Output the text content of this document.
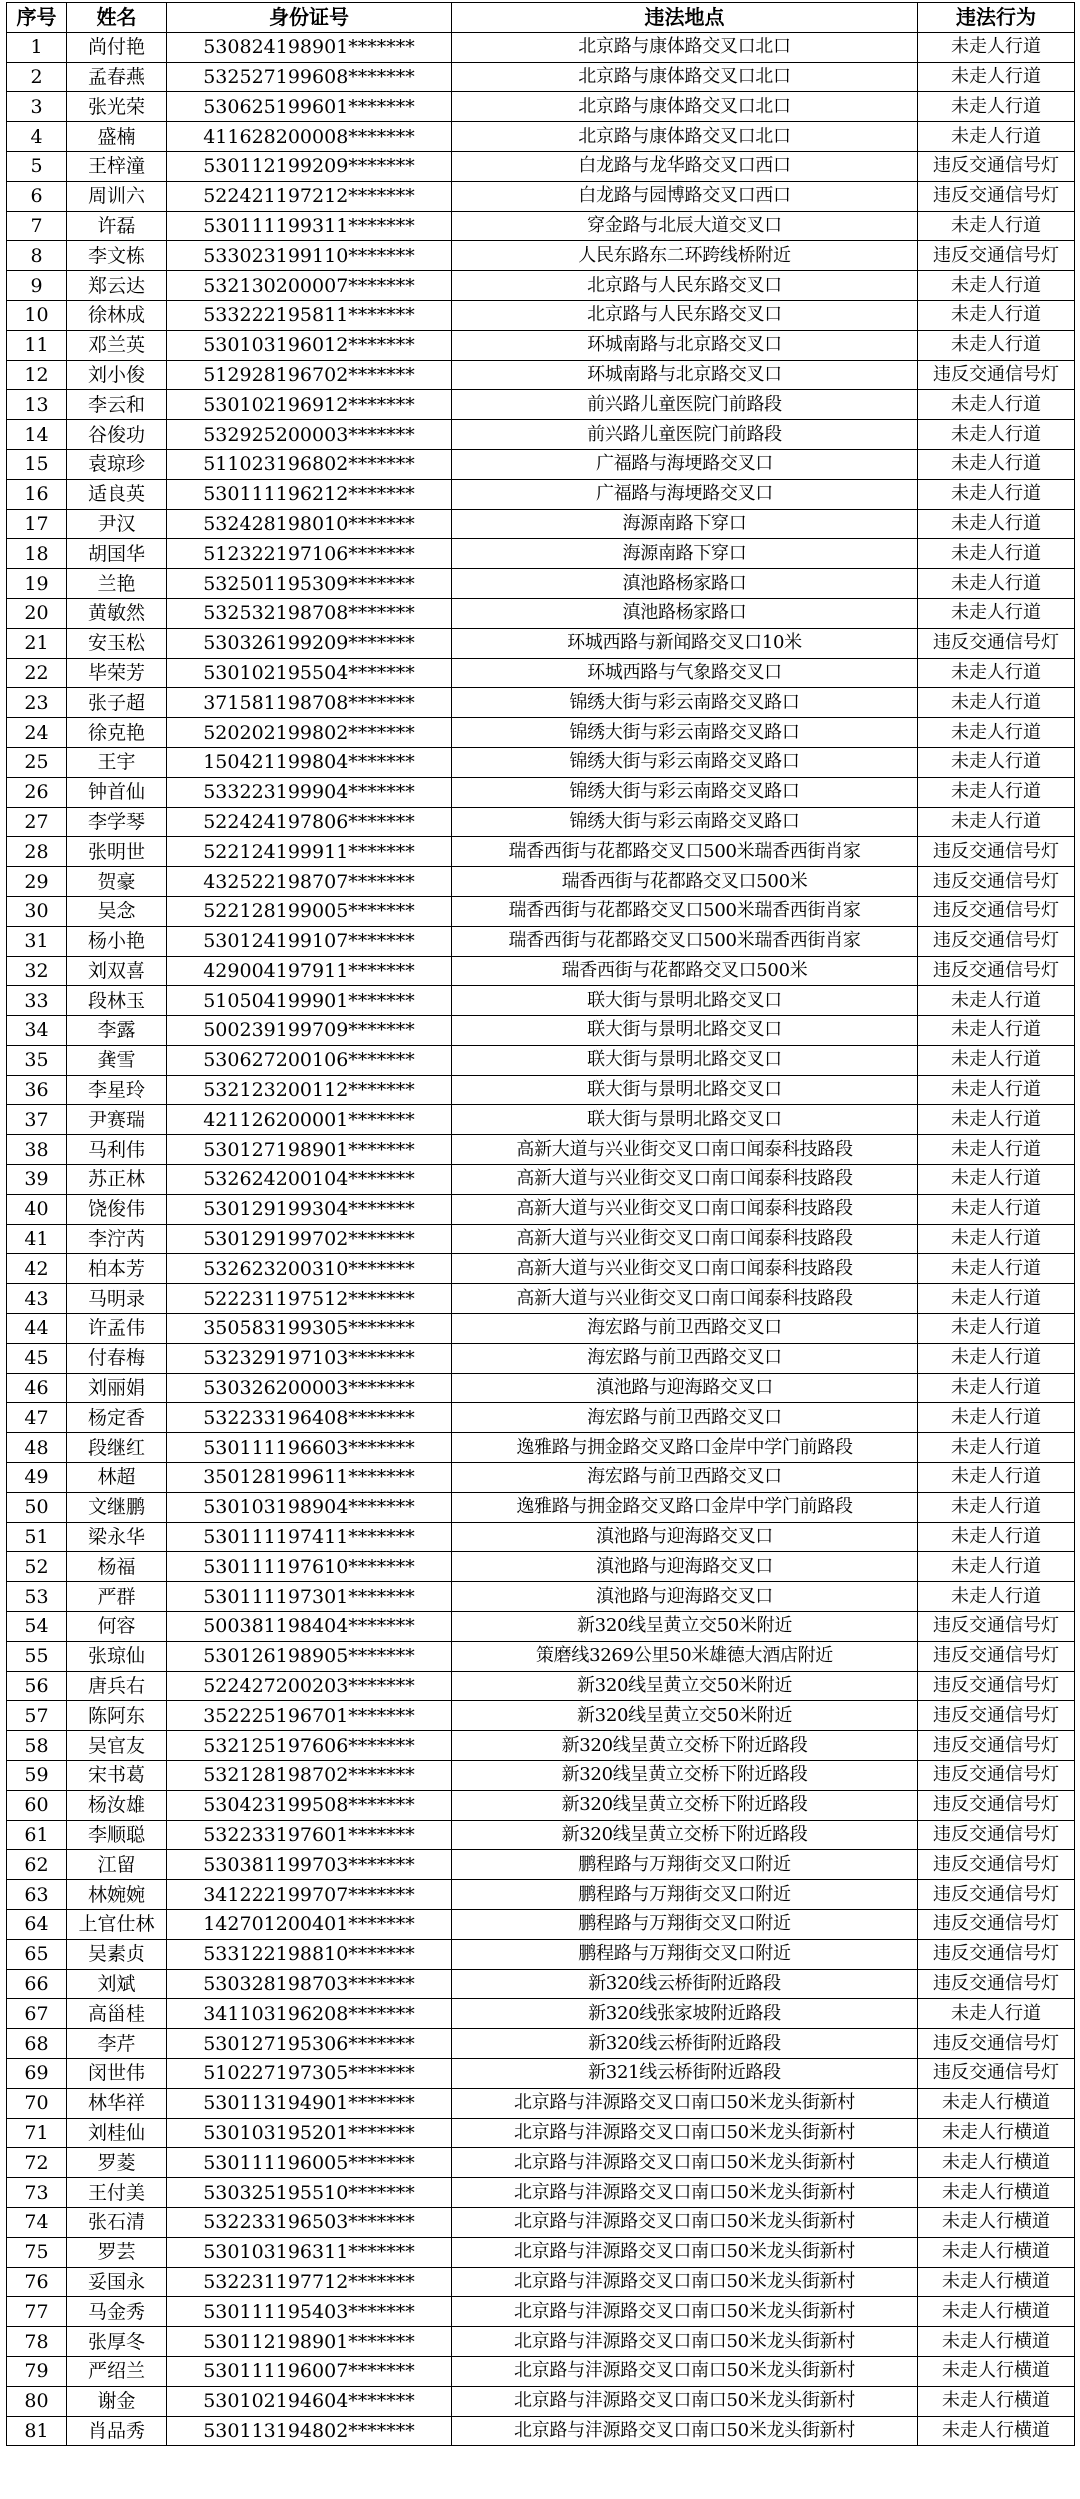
序号	姓名	身份证号	违法地点	违法行为
1	尚付艳	530824198901*******	北京路与康体路交叉口北口	未走人行道
2	孟春燕	532527199608*******	北京路与康体路交叉口北口	未走人行道
3	张光荣	530625199601*******	北京路与康体路交叉口北口	未走人行道
4	盛楠	411628200008*******	北京路与康体路交叉口北口	未走人行道
5	王梓潼	530112199209*******	白龙路与龙华路交叉口西口	违反交通信号灯
6	周训六	522421197212*******	白龙路与园博路交叉口西口	违反交通信号灯
7	许磊	530111199311*******	穿金路与北辰大道交叉口	未走人行道
8	李文栋	533023199110*******	人民东路东二环跨线桥附近	违反交通信号灯
9	郑云达	532130200007*******	北京路与人民东路交叉口	未走人行道
10	徐林成	533222195811*******	北京路与人民东路交叉口	未走人行道
11	邓兰英	530103196012*******	环城南路与北京路交叉口	未走人行道
12	刘小俊	512928196702*******	环城南路与北京路交叉口	违反交通信号灯
13	李云和	530102196912*******	前兴路儿童医院门前路段	未走人行道
14	谷俊功	532925200003*******	前兴路儿童医院门前路段	未走人行道
15	袁琼珍	511023196802*******	广福路与海埂路交叉口	未走人行道
16	适良英	530111196212*******	广福路与海埂路交叉口	未走人行道
17	尹汉	532428198010*******	海源南路下穿口	未走人行道
18	胡国华	512322197106*******	海源南路下穿口	未走人行道
19	兰艳	532501195309*******	滇池路杨家路口	未走人行道
20	黄敏然	532532198708*******	滇池路杨家路口	未走人行道
21	安玉松	530326199209*******	环城西路与新闻路交叉口10米	违反交通信号灯
22	毕荣芳	530102195504*******	环城西路与气象路交叉口	未走人行道
23	张子超	371581198708*******	锦绣大街与彩云南路交叉路口	未走人行道
24	徐克艳	520202199802*******	锦绣大街与彩云南路交叉路口	未走人行道
25	王宇	150421199804*******	锦绣大街与彩云南路交叉路口	未走人行道
26	钟首仙	533223199904*******	锦绣大街与彩云南路交叉路口	未走人行道
27	李学琴	522424197806*******	锦绣大街与彩云南路交叉路口	未走人行道
28	张明世	522124199911*******	瑞香西街与花都路交叉口500米瑞香西街肖家	违反交通信号灯
29	贺豪	432522198707*******	瑞香西街与花都路交叉口500米	违反交通信号灯
30	吴念	522128199005*******	瑞香西街与花都路交叉口500米瑞香西街肖家	违反交通信号灯
31	杨小艳	530124199107*******	瑞香西街与花都路交叉口500米瑞香西街肖家	违反交通信号灯
32	刘双喜	429004197911*******	瑞香西街与花都路交叉口500米	违反交通信号灯
33	段林玉	510504199901*******	联大街与景明北路交叉口	未走人行道
34	李露	500239199709*******	联大街与景明北路交叉口	未走人行道
35	龚雪	530627200106*******	联大街与景明北路交叉口	未走人行道
36	李星玲	532123200112*******	联大街与景明北路交叉口	未走人行道
37	尹赛瑞	421126200001*******	联大街与景明北路交叉口	未走人行道
38	马利伟	530127198901*******	高新大道与兴业街交叉口南口闻泰科技路段	未走人行道
39	苏正林	532624200104*******	高新大道与兴业街交叉口南口闻泰科技路段	未走人行道
40	饶俊伟	530129199304*******	高新大道与兴业街交叉口南口闻泰科技路段	未走人行道
41	李泞芮	530129199702*******	高新大道与兴业街交叉口南口闻泰科技路段	未走人行道
42	柏本芳	532623200310*******	高新大道与兴业街交叉口南口闻泰科技路段	未走人行道
43	马明录	522231197512*******	高新大道与兴业街交叉口南口闻泰科技路段	未走人行道
44	许孟伟	350583199305*******	海宏路与前卫西路交叉口	未走人行道
45	付春梅	532329197103*******	海宏路与前卫西路交叉口	未走人行道
46	刘丽娟	530326200003*******	滇池路与迎海路交叉口	未走人行道
47	杨定香	532233196408*******	海宏路与前卫西路交叉口	未走人行道
48	段继红	530111196603*******	逸雅路与拥金路交叉路口金岸中学门前路段	未走人行道
49	林超	350128199611*******	海宏路与前卫西路交叉口	未走人行道
50	文继鹏	530103198904*******	逸雅路与拥金路交叉路口金岸中学门前路段	未走人行道
51	梁永华	530111197411*******	滇池路与迎海路交叉口	未走人行道
52	杨福	530111197610*******	滇池路与迎海路交叉口	未走人行道
53	严群	530111197301*******	滇池路与迎海路交叉口	未走人行道
54	何容	500381198404*******	新320线呈黄立交50米附近	违反交通信号灯
55	张琼仙	530126198905*******	策磨线3269公里50米雄德大酒店附近	违反交通信号灯
56	唐兵右	522427200203*******	新320线呈黄立交50米附近	违反交通信号灯
57	陈阿东	352225196701*******	新320线呈黄立交50米附近	违反交通信号灯
58	吴官友	532125197606*******	新320线呈黄立交桥下附近路段	违反交通信号灯
59	宋书葛	532128198702*******	新320线呈黄立交桥下附近路段	违反交通信号灯
60	杨汝雄	530423199508*******	新320线呈黄立交桥下附近路段	违反交通信号灯
61	李顺聪	532233197601*******	新320线呈黄立交桥下附近路段	违反交通信号灯
62	江留	530381199703*******	鹏程路与万翔街交叉口附近	违反交通信号灯
63	林婉婉	341222199707*******	鹏程路与万翔街交叉口附近	违反交通信号灯
64	上官仕林	142701200401*******	鹏程路与万翔街交叉口附近	违反交通信号灯
65	吴素贞	533122198810*******	鹏程路与万翔街交叉口附近	违反交通信号灯
66	刘斌	530328198703*******	新320线云桥街附近路段	违反交通信号灯
67	高甾桂	341103196208*******	新320线张家坡附近路段	未走人行道
68	李芹	530127195306*******	新320线云桥街附近路段	违反交通信号灯
69	闵世伟	510227197305*******	新321线云桥街附近路段	违反交通信号灯
70	林华祥	530113194901*******	北京路与沣源路交叉口南口50米龙头街新村	未走人行横道
71	刘桂仙	530103195201*******	北京路与沣源路交叉口南口50米龙头街新村	未走人行横道
72	罗菱	530111196005*******	北京路与沣源路交叉口南口50米龙头街新村	未走人行横道
73	王付美	530325195510*******	北京路与沣源路交叉口南口50米龙头街新村	未走人行横道
74	张石清	532233196503*******	北京路与沣源路交叉口南口50米龙头街新村	未走人行横道
75	罗芸	530103196311*******	北京路与沣源路交叉口南口50米龙头街新村	未走人行横道
76	妥国永	532231197712*******	北京路与沣源路交叉口南口50米龙头街新村	未走人行横道
77	马金秀	530111195403*******	北京路与沣源路交叉口南口50米龙头街新村	未走人行横道
78	张厚冬	530112198901*******	北京路与沣源路交叉口南口50米龙头街新村	未走人行横道
79	严绍兰	530111196007*******	北京路与沣源路交叉口南口50米龙头街新村	未走人行横道
80	谢金	530102194604*******	北京路与沣源路交叉口南口50米龙头街新村	未走人行横道
81	肖品秀	530113194802*******	北京路与沣源路交叉口南口50米龙头街新村	未走人行横道
